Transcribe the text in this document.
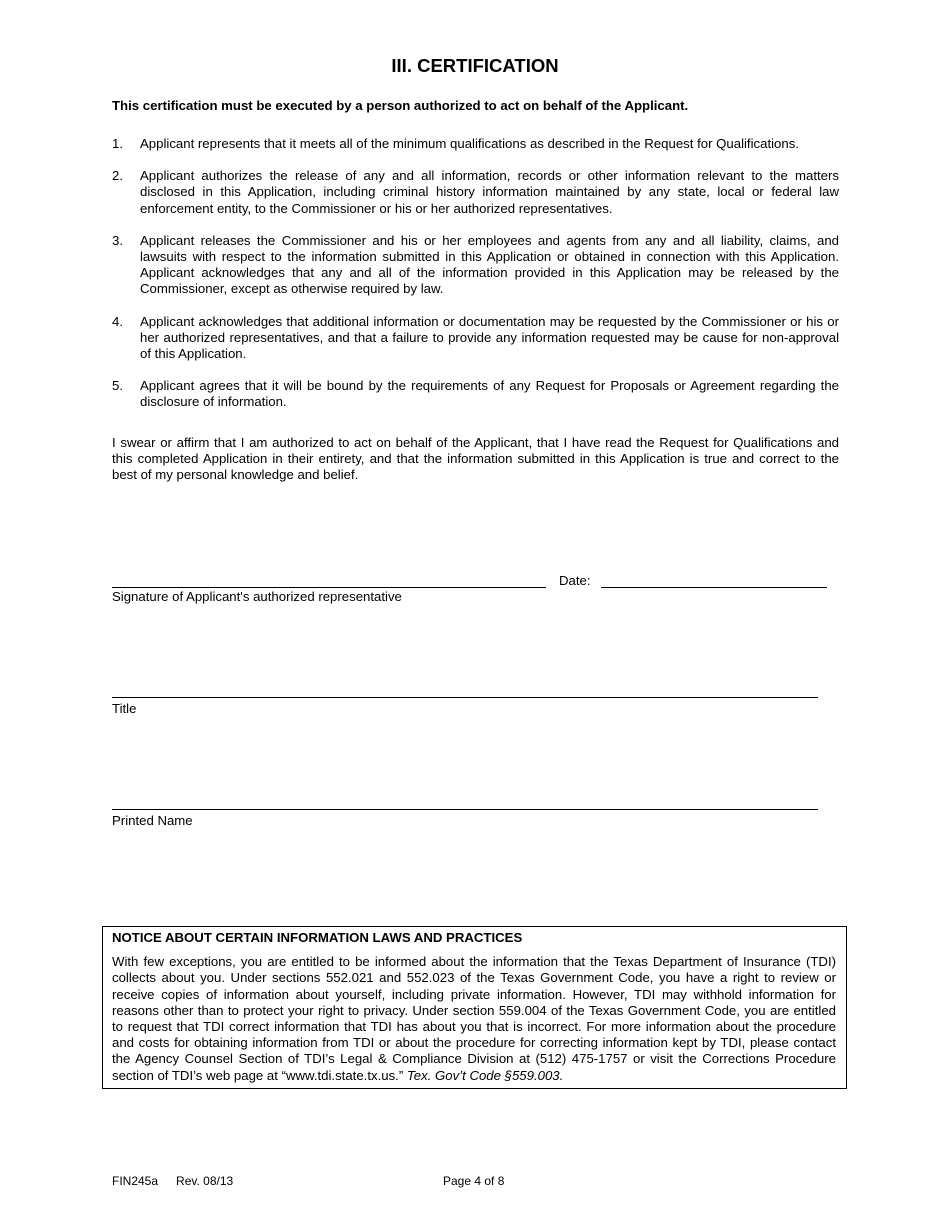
III. CERTIFICATION
This certification must be executed by a person authorized to act on behalf of the Applicant.
1. Applicant represents that it meets all of the minimum qualifications as described in the Request for Qualifications.
2. Applicant authorizes the release of any and all information, records or other information relevant to the matters disclosed in this Application, including criminal history information maintained by any state, local or federal law enforcement entity, to the Commissioner or his or her authorized representatives.
3. Applicant releases the Commissioner and his or her employees and agents from any and all liability, claims, and lawsuits with respect to the information submitted in this Application or obtained in connection with this Application. Applicant acknowledges that any and all of the information provided in this Application may be released by the Commissioner, except as otherwise required by law.
4. Applicant acknowledges that additional information or documentation may be requested by the Commissioner or his or her authorized representatives, and that a failure to provide any information requested may be cause for non-approval of this Application.
5. Applicant agrees that it will be bound by the requirements of any Request for Proposals or Agreement regarding the disclosure of information.
I swear or affirm that I am authorized to act on behalf of the Applicant, that I have read the Request for Qualifications and this completed Application in their entirety, and that the information submitted in this Application is true and correct to the best of my personal knowledge and belief.
Date:
Signature of Applicant's authorized representative
Title
Printed Name
NOTICE ABOUT CERTAIN INFORMATION LAWS AND PRACTICES
With few exceptions, you are entitled to be informed about the information that the Texas Department of Insurance (TDI) collects about you. Under sections 552.021 and 552.023 of the Texas Government Code, you have a right to review or receive copies of information about yourself, including private information. However, TDI may withhold information for reasons other than to protect your right to privacy. Under section 559.004 of the Texas Government Code, you are entitled to request that TDI correct information that TDI has about you that is incorrect. For more information about the procedure and costs for obtaining information from TDI or about the procedure for correcting information kept by TDI, please contact the Agency Counsel Section of TDI’s Legal & Compliance Division at (512) 475-1757 or visit the Corrections Procedure section of TDI’s web page at “www.tdi.state.tx.us.” Tex. Gov’t Code §559.003.
FIN245a Rev. 08/13	Page 4 of 8
